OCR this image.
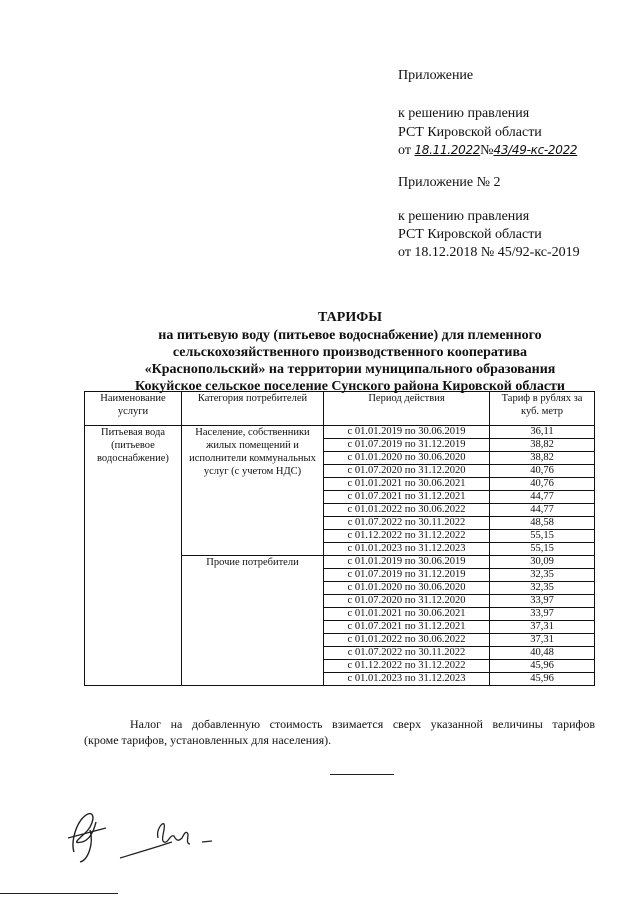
Приложение
к решению правления
РСТ Кировской области
от 18.11.2022№43/49-кс-2022
Приложение № 2
к решению правления
РСТ Кировской области
от 18.12.2018 № 45/92-кс-2019
ТАРИФЫ
на питьевую воду (питьевое водоснабжение) для племенного
сельскохозяйственного производственного кооператива
«Краснопольский» на территории муниципального образования
Кокуйское сельское поселение Сунского района Кировской области
Наименование услуги	Категория потребителей	Период действия	Тариф в рублях за куб. метр
Питьевая вода (питьевое водоснабжение)	Население, собственники жилых помещений и исполнители коммунальных услуг (с учетом НДС)	с 01.01.2019 по 30.06.2019	36,11
		с 01.07.2019 по 31.12.2019	38,82
		с 01.01.2020 по 30.06.2020	38,82
		с 01.07.2020 по 31.12.2020	40,76
		с 01.01.2021 по 30.06.2021	40,76
		с 01.07.2021 по 31.12.2021	44,77
		с 01.01.2022 по 30.06.2022	44,77
		с 01.07.2022 по 30.11.2022	48,58
		с 01.12.2022 по 31.12.2022	55,15
		с 01.01.2023 по 31.12.2023	55,15
	Прочие потребители	с 01.01.2019 по 30.06.2019	30,09
		с 01.07.2019 по 31.12.2019	32,35
		с 01.01.2020 по 30.06.2020	32,35
		с 01.07.2020 по 31.12.2020	33,97
		с 01.01.2021 по 30.06.2021	33,97
		с 01.07.2021 по 31.12.2021	37,31
		с 01.01.2022 по 30.06.2022	37,31
		с 01.07.2022 по 30.11.2022	40,48
		с 01.12.2022 по 31.12.2022	45,96
		с 01.01.2023 по 31.12.2023	45,96
Налог на добавленную стоимость взимается сверх указанной величины тарифов
(кроме тарифов, установленных для населения).
